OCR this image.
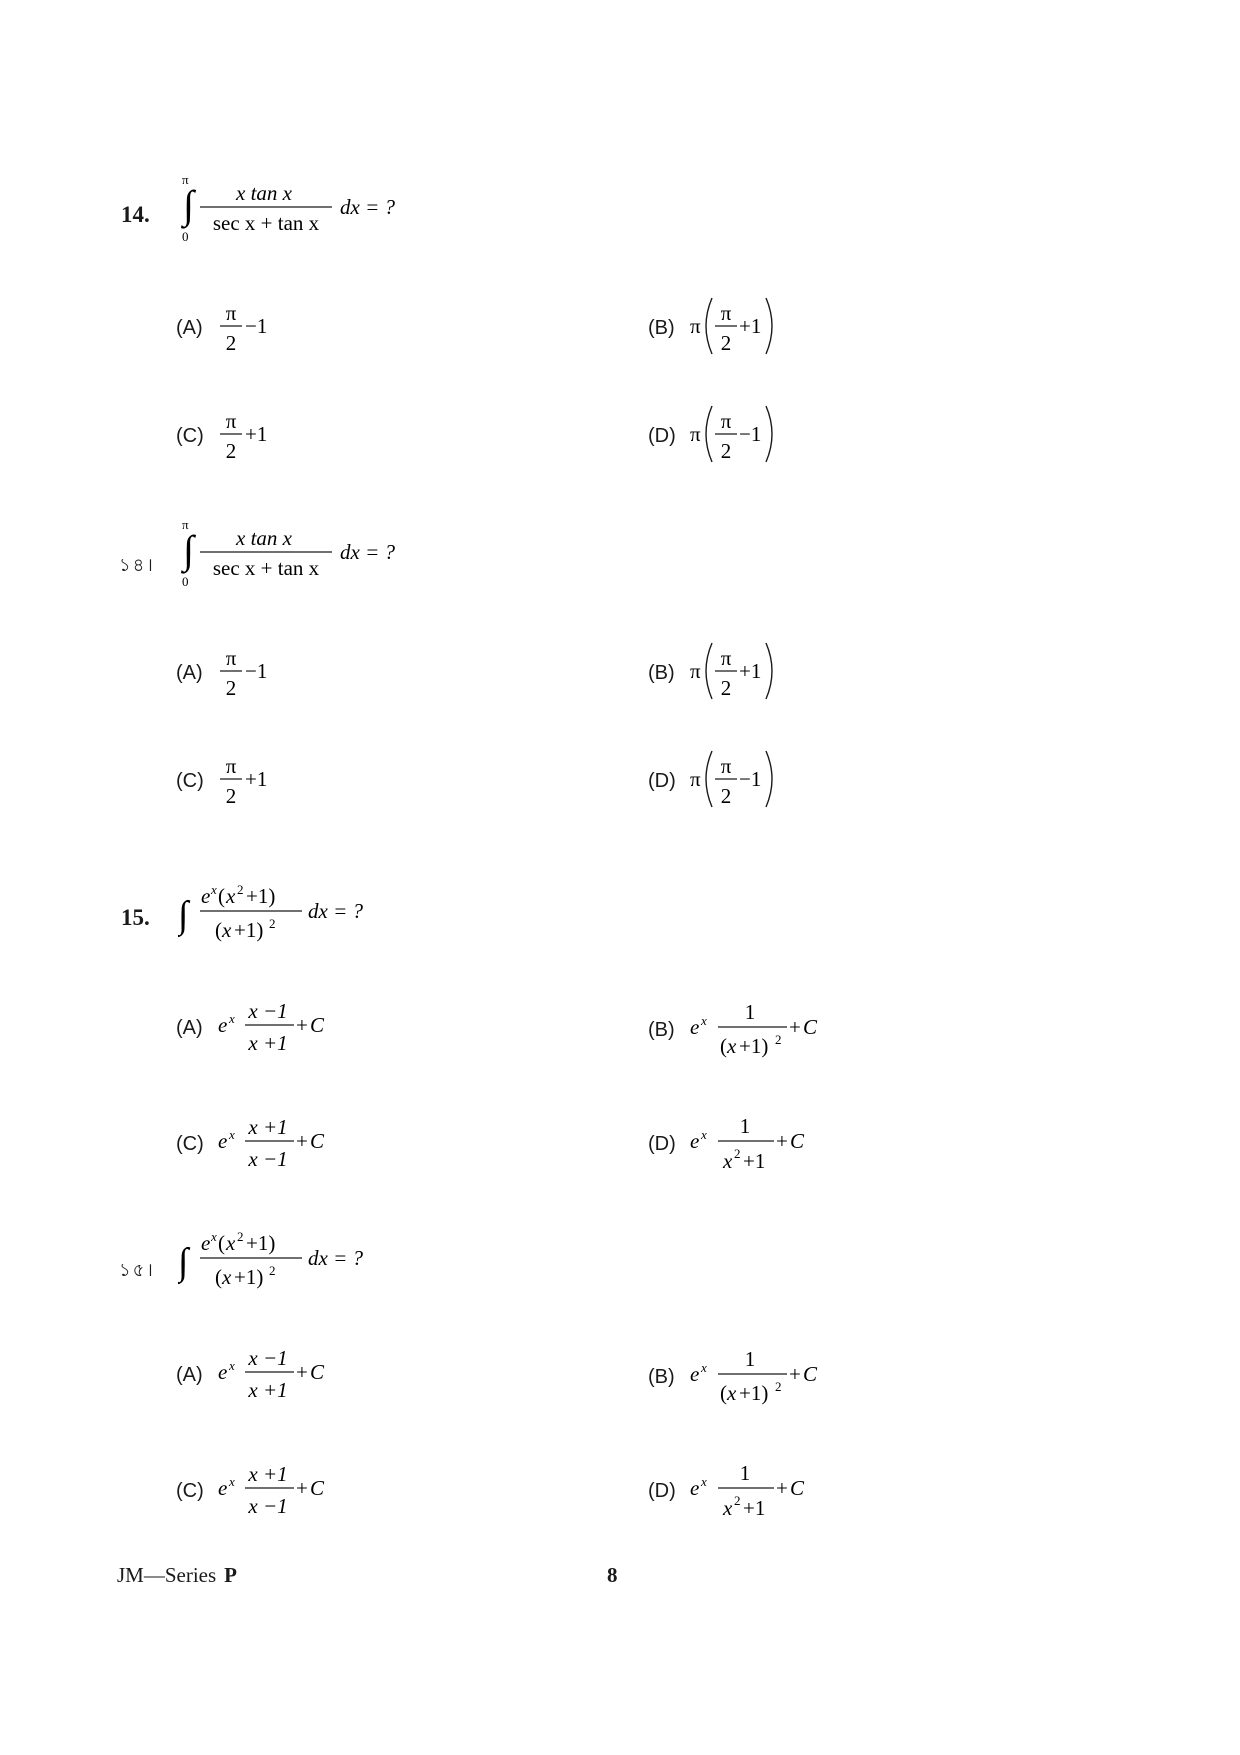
14. ∫
π
0
x tan x
sec x + tan x
dx = ?
(A)
π
2
−1	(B) π
π
2
+1
(C)
π
2
+1	(D) π
π
2
−1
১৪। ∫
π
0
x tan x
sec x + tan x
dx = ?
(A)
π
2
−1	(B) π
π
2
+1
(C)
π
2
+1	(D) π
π
2
−1
15. ∫ e x ( x 2 +1)
( x +1) 2
dx = ?
(A) e x x −1
x +1
+ C	(B) e x 1
( x +1) 2
+ C
(C) e x x +1
x −1
+ C	(D) e x 1
x 2 +1
+ C
১৫। ∫ e x ( x 2 +1)
( x +1) 2
dx = ?
(A) e x x −1
x +1
+ C	(B) e x 1
( x +1) 2
+ C
(C) e x x +1
x −1
+ C	(D) e x 1
x 2 +1
+ C
JM—Series P	8
